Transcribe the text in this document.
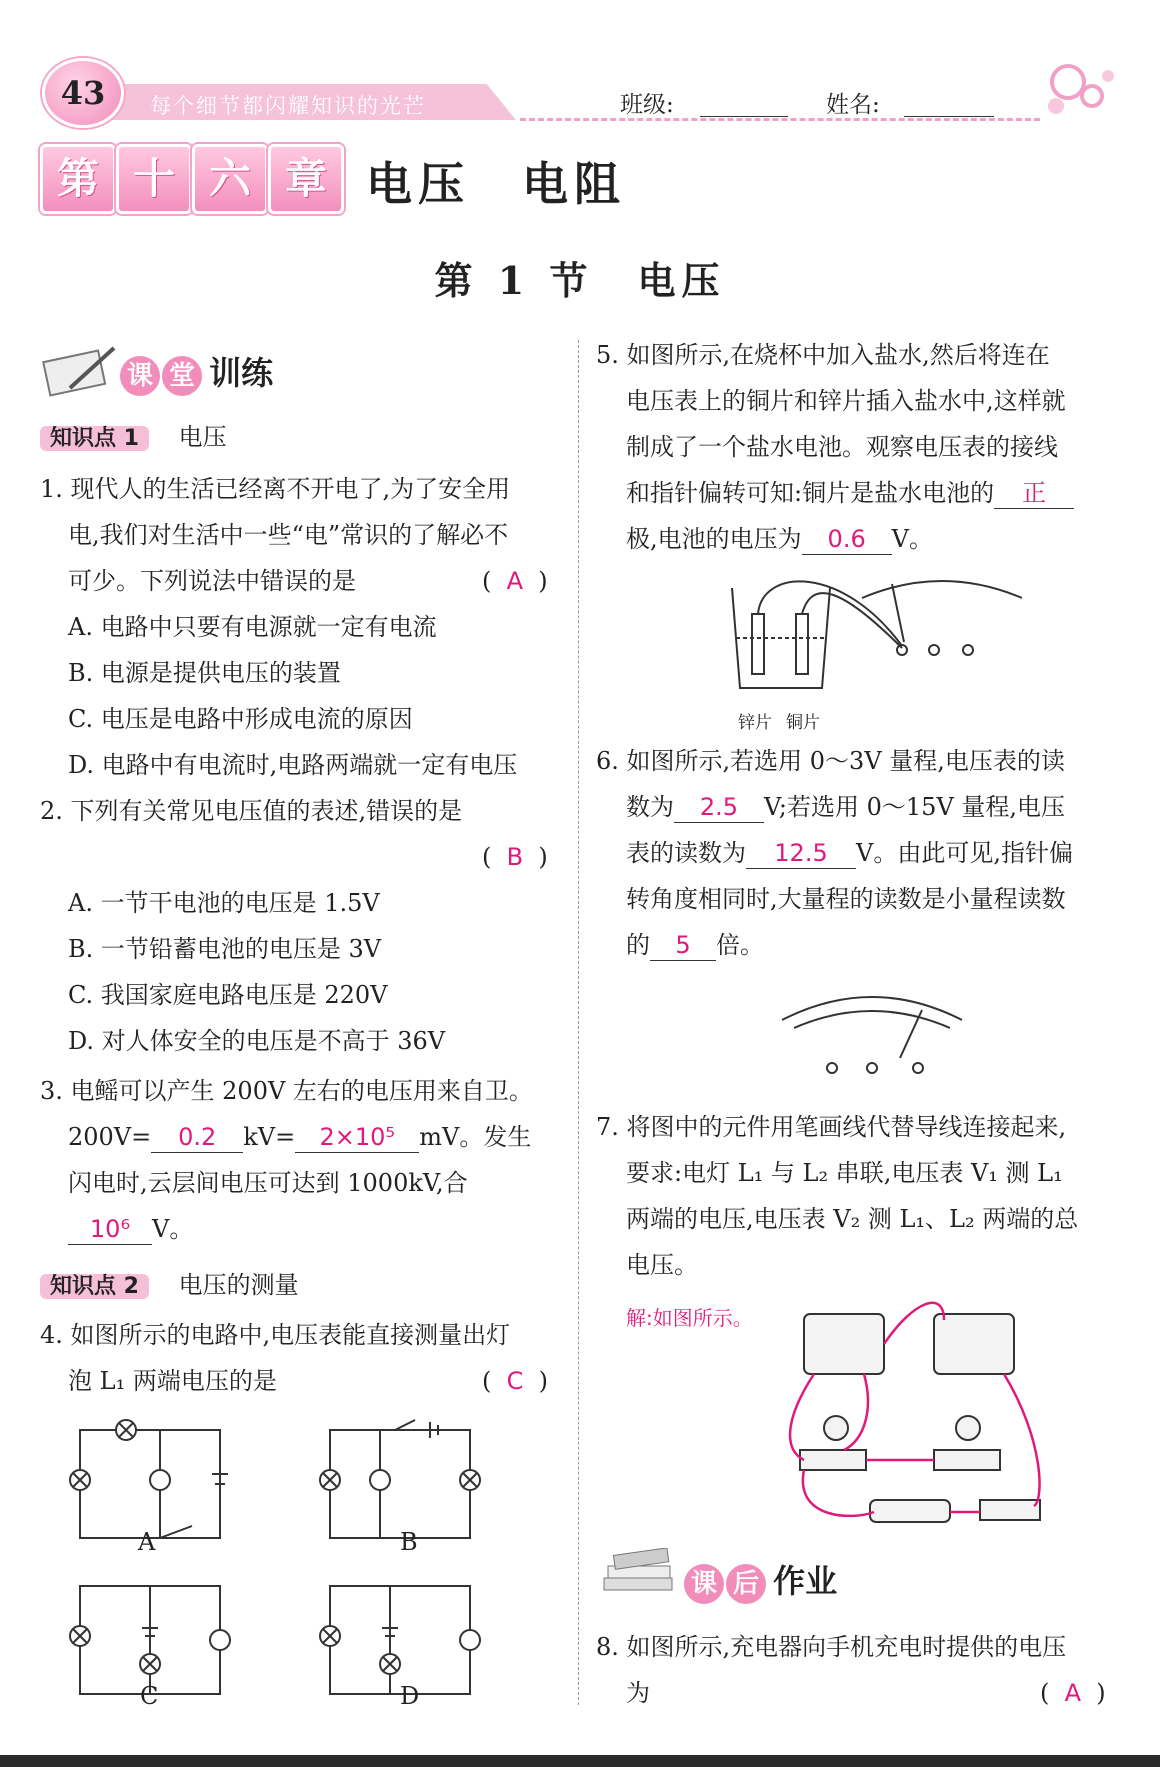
43	每个细节都闪耀知识的光芒	班级:	姓名:
第 十 六 章 电压　电阻
第 1 节　电压
课 堂 训练
知识点 1 电压
1. 现代人的生活已经离不开电了,为了安全用
电,我们对生活中一些“电”常识的了解必不
可少。下列说法中错误的是	(  A  )
A. 电路中只要有电源就一定有电流
B. 电源是提供电压的装置
C. 电压是电路中形成电流的原因
D. 电路中有电流时,电路两端就一定有电压
2. 下列有关常见电压值的表述,错误的是
(  B  )
A. 一节干电池的电压是 1.5V
B. 一节铅蓄电池的电压是 3V
C. 我国家庭电路电压是 220V
D. 对人体安全的电压是不高于 36V
3. 电鳐可以产生 200V 左右的电压用来自卫。
200V= 0.2 kV= 2×10⁵ mV。发生
闪电时,云层间电压可达到 1000kV,合
10⁶ V。
知识点 2 电压的测量
4. 如图所示的电路中,电压表能直接测量出灯
泡 L₁ 两端电压的是	(  C  )
A	B
C	D
5. 如图所示,在烧杯中加入盐水,然后将连在
电压表上的铜片和锌片插入盐水中,这样就
制成了一个盐水电池。观察电压表的接线
和指针偏转可知:铜片是盐水电池的 正
极,电池的电压为 0.6 V。
锌片 铜片
6. 如图所示,若选用 0～3V 量程,电压表的读
数为 2.5 V;若选用 0～15V 量程,电压
表的读数为 12.5 V。由此可见,指针偏
转角度相同时,大量程的读数是小量程读数
的 5 倍。
7. 将图中的元件用笔画线代替导线连接起来,
要求:电灯 L₁ 与 L₂ 串联,电压表 V₁ 测 L₁
两端的电压,电压表 V₂ 测 L₁、L₂ 两端的总
电压。
解:如图所示。
课 后 作业
8. 如图所示,充电器向手机充电时提供的电压
为	(  A  )
